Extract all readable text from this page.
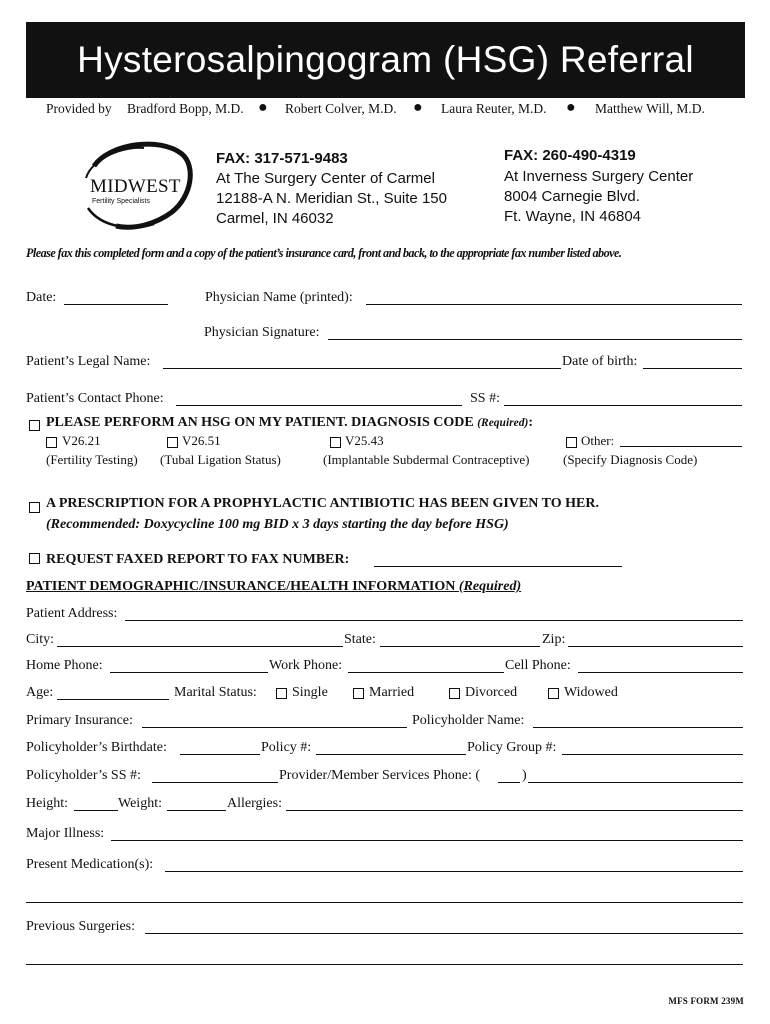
Hysterosalpingogram (HSG) Referral
Provided by Bradford Bopp, M.D. ● Robert Colver, M.D. ● Laura Reuter, M.D. ● Matthew Will, M.D.
MIDWEST
Fertility Specialists
FAX: 317-571-9483
At The Surgery Center of Carmel
12188-A N. Meridian St., Suite 150
Carmel, IN 46032
FAX: 260-490-4319
At Inverness Surgery Center
8004 Carnegie Blvd.
Ft. Wayne, IN 46804
Please fax this completed form and a copy of the patient’s insurance card, front and back, to the appropriate fax number listed above.
Date:	Physician Name (printed):
Physician Signature:
Patient’s Legal Name:	Date of birth:
Patient’s Contact Phone:	SS #:
PLEASE PERFORM AN HSG ON MY PATIENT. DIAGNOSIS CODE (Required):
V26.21
(Fertility Testing)
V26.51
(Tubal Ligation Status)
V25.43
(Implantable Subdermal Contraceptive)
Other:
(Specify Diagnosis Code)
A PRESCRIPTION FOR A PROPHYLACTIC ANTIBIOTIC HAS BEEN GIVEN TO HER.
(Recommended: Doxycycline 100 mg BID x 3 days starting the day before HSG)
REQUEST FAXED REPORT TO FAX NUMBER:
PATIENT DEMOGRAPHIC/INSURANCE/HEALTH INFORMATION (Required)
Patient Address:
City:	State:	Zip:
Home Phone:	Work Phone:	Cell Phone:
Age:	Marital Status:	Single	Married	Divorced	Widowed
Primary Insurance:	Policyholder Name:
Policyholder’s Birthdate:	Policy #:	Policy Group #:
Policyholder’s SS #:	Provider/Member Services Phone: (	)
Height:	Weight:	Allergies:
Major Illness:
Present Medication(s):
Previous Surgeries:
MFS FORM 239M
